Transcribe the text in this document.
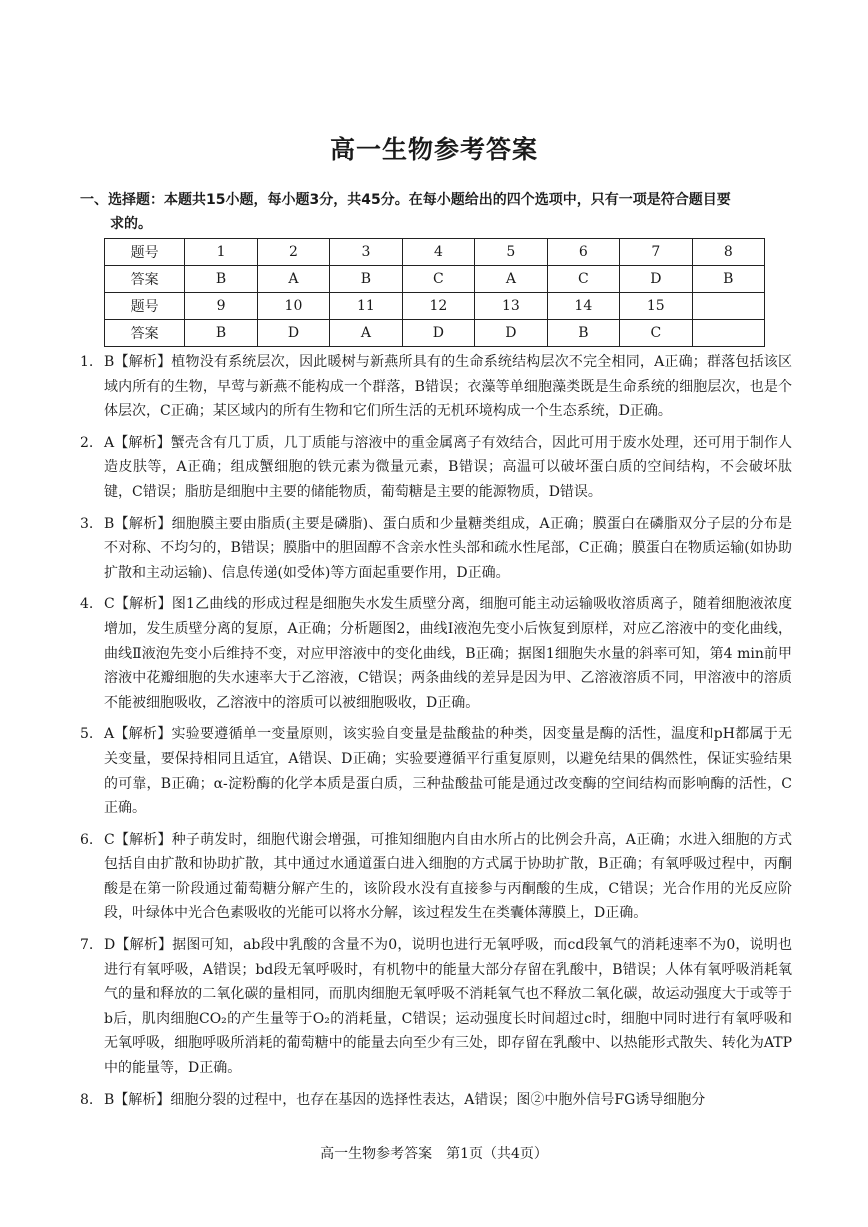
高一生物参考答案
一、选择题：本题共15小题，每小题3分，共45分。在每小题给出的四个选项中，只有一项是符合题目要
求的。
题号	1	2	3	4	5	6	7	8
答案	B	A	B	C	A	C	D	B
题号	9	10	11	12	13	14	15	
答案	B	D	A	D	D	B	C	
1. B【解析】植物没有系统层次，因此暖树与新燕所具有的生命系统结构层次不完全相同，A正确；群落包括该区域内所有的生物，早莺与新燕不能构成一个群落，B错误；衣藻等单细胞藻类既是生命系统的细胞层次，也是个体层次，C正确；某区域内的所有生物和它们所生活的无机环境构成一个生态系统，D正确。
2. A【解析】蟹壳含有几丁质，几丁质能与溶液中的重金属离子有效结合，因此可用于废水处理，还可用于制作人造皮肤等，A正确；组成蟹细胞的铁元素为微量元素，B错误；高温可以破坏蛋白质的空间结构，不会破坏肽键，C错误；脂肪是细胞中主要的储能物质，葡萄糖是主要的能源物质，D错误。
3. B【解析】细胞膜主要由脂质(主要是磷脂)、蛋白质和少量糖类组成，A正确；膜蛋白在磷脂双分子层的分布是不对称、不均匀的，B错误；膜脂中的胆固醇不含亲水性头部和疏水性尾部，C正确；膜蛋白在物质运输(如协助扩散和主动运输)、信息传递(如受体)等方面起重要作用，D正确。
4. C【解析】图1乙曲线的形成过程是细胞失水发生质壁分离，细胞可能主动运输吸收溶质离子，随着细胞液浓度增加，发生质壁分离的复原，A正确；分析题图2，曲线Ⅰ液泡先变小后恢复到原样，对应乙溶液中的变化曲线，曲线Ⅱ液泡先变小后维持不变，对应甲溶液中的变化曲线，B正确；据图1细胞失水量的斜率可知，第4 min前甲溶液中花瓣细胞的失水速率大于乙溶液，C错误；两条曲线的差异是因为甲、乙溶液溶质不同，甲溶液中的溶质不能被细胞吸收，乙溶液中的溶质可以被细胞吸收，D正确。
5. A【解析】实验要遵循单一变量原则，该实验自变量是盐酸盐的种类，因变量是酶的活性，温度和pH都属于无关变量，要保持相同且适宜，A错误、D正确；实验要遵循平行重复原则，以避免结果的偶然性，保证实验结果的可靠，B正确；α-淀粉酶的化学本质是蛋白质，三种盐酸盐可能是通过改变酶的空间结构而影响酶的活性，C正确。
6. C【解析】种子萌发时，细胞代谢会增强，可推知细胞内自由水所占的比例会升高，A正确；水进入细胞的方式包括自由扩散和协助扩散，其中通过水通道蛋白进入细胞的方式属于协助扩散，B正确；有氧呼吸过程中，丙酮酸是在第一阶段通过葡萄糖分解产生的，该阶段水没有直接参与丙酮酸的生成，C错误；光合作用的光反应阶段，叶绿体中光合色素吸收的光能可以将水分解，该过程发生在类囊体薄膜上，D正确。
7. D【解析】据图可知，ab段中乳酸的含量不为0，说明也进行无氧呼吸，而cd段氧气的消耗速率不为0，说明也进行有氧呼吸，A错误；bd段无氧呼吸时，有机物中的能量大部分存留在乳酸中，B错误；人体有氧呼吸消耗氧气的量和释放的二氧化碳的量相同，而肌肉细胞无氧呼吸不消耗氧气也不释放二氧化碳，故运动强度大于或等于b后，肌肉细胞CO₂的产生量等于O₂的消耗量，C错误；运动强度长时间超过c时，细胞中同时进行有氧呼吸和无氧呼吸，细胞呼吸所消耗的葡萄糖中的能量去向至少有三处，即存留在乳酸中、以热能形式散失、转化为ATP中的能量等，D正确。
8. B【解析】细胞分裂的过程中，也存在基因的选择性表达，A错误；图②中胞外信号FG诱导细胞分
高一生物参考答案　第1页（共4页）
